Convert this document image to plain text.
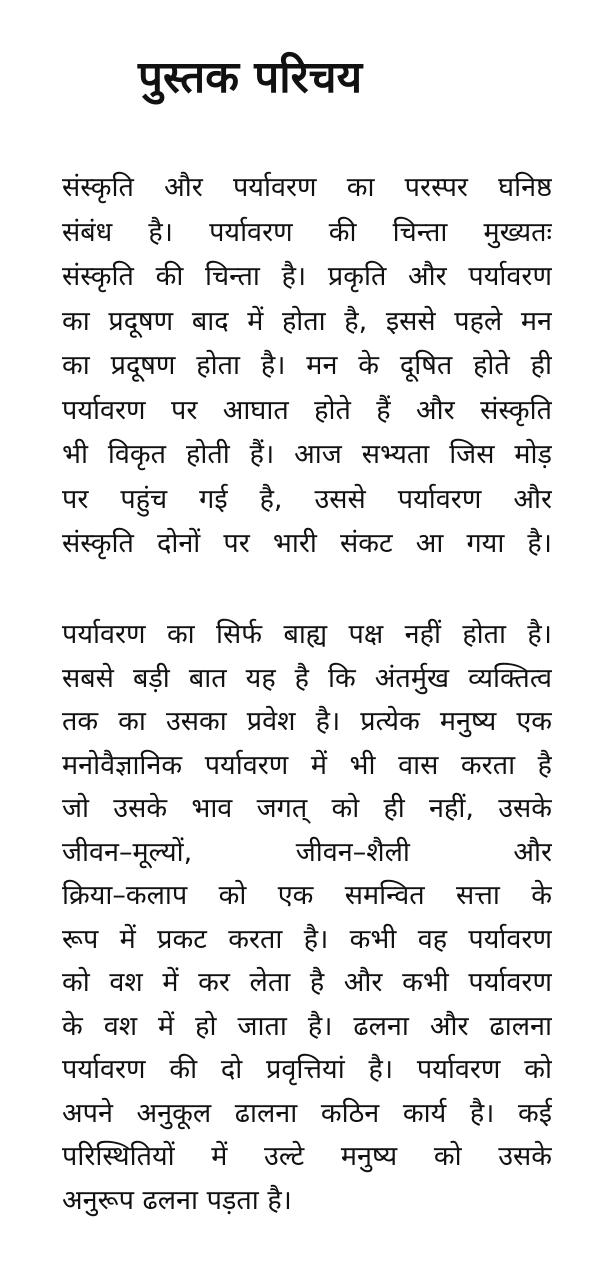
पुस्तक परिचय
संस्कृति और पर्यावरण का परस्पर घनिष्ठ
संबंध है। पर्यावरण की चिन्ता मुख्यतः
संस्कृति की चिन्ता है। प्रकृति और पर्यावरण
का प्रदूषण बाद में होता है, इससे पहले मन
का प्रदूषण होता है। मन के दूषित होते ही
पर्यावरण पर आघात होते हैं और संस्कृति
भी विकृत होती हैं। आज सभ्यता जिस मोड़
पर पहुंच गई है, उससे पर्यावरण और
संस्कृति दोनों पर भारी संकट आ गया है।
पर्यावरण का सिर्फ बाह्य पक्ष नहीं होता है।
सबसे बड़ी बात यह है कि अंतर्मुख व्यक्तित्व
तक का उसका प्रवेश है। प्रत्येक मनुष्य एक
मनोवैज्ञानिक पर्यावरण में भी वास करता है
जो उसके भाव जगत् को ही नहीं, उसके
जीवन–मूल्यों, जीवन–शैली और
क्रिया–कलाप को एक समन्वित सत्ता के
रूप में प्रकट करता है। कभी वह पर्यावरण
को वश में कर लेता है और कभी पर्यावरण
के वश में हो जाता है। ढलना और ढालना
पर्यावरण की दो प्रवृत्तियां है। पर्यावरण को
अपने अनुकूल ढालना कठिन कार्य है। कई
परिस्थितियों में उल्टे मनुष्य को उसके
अनुरूप ढलना पड़ता है।
